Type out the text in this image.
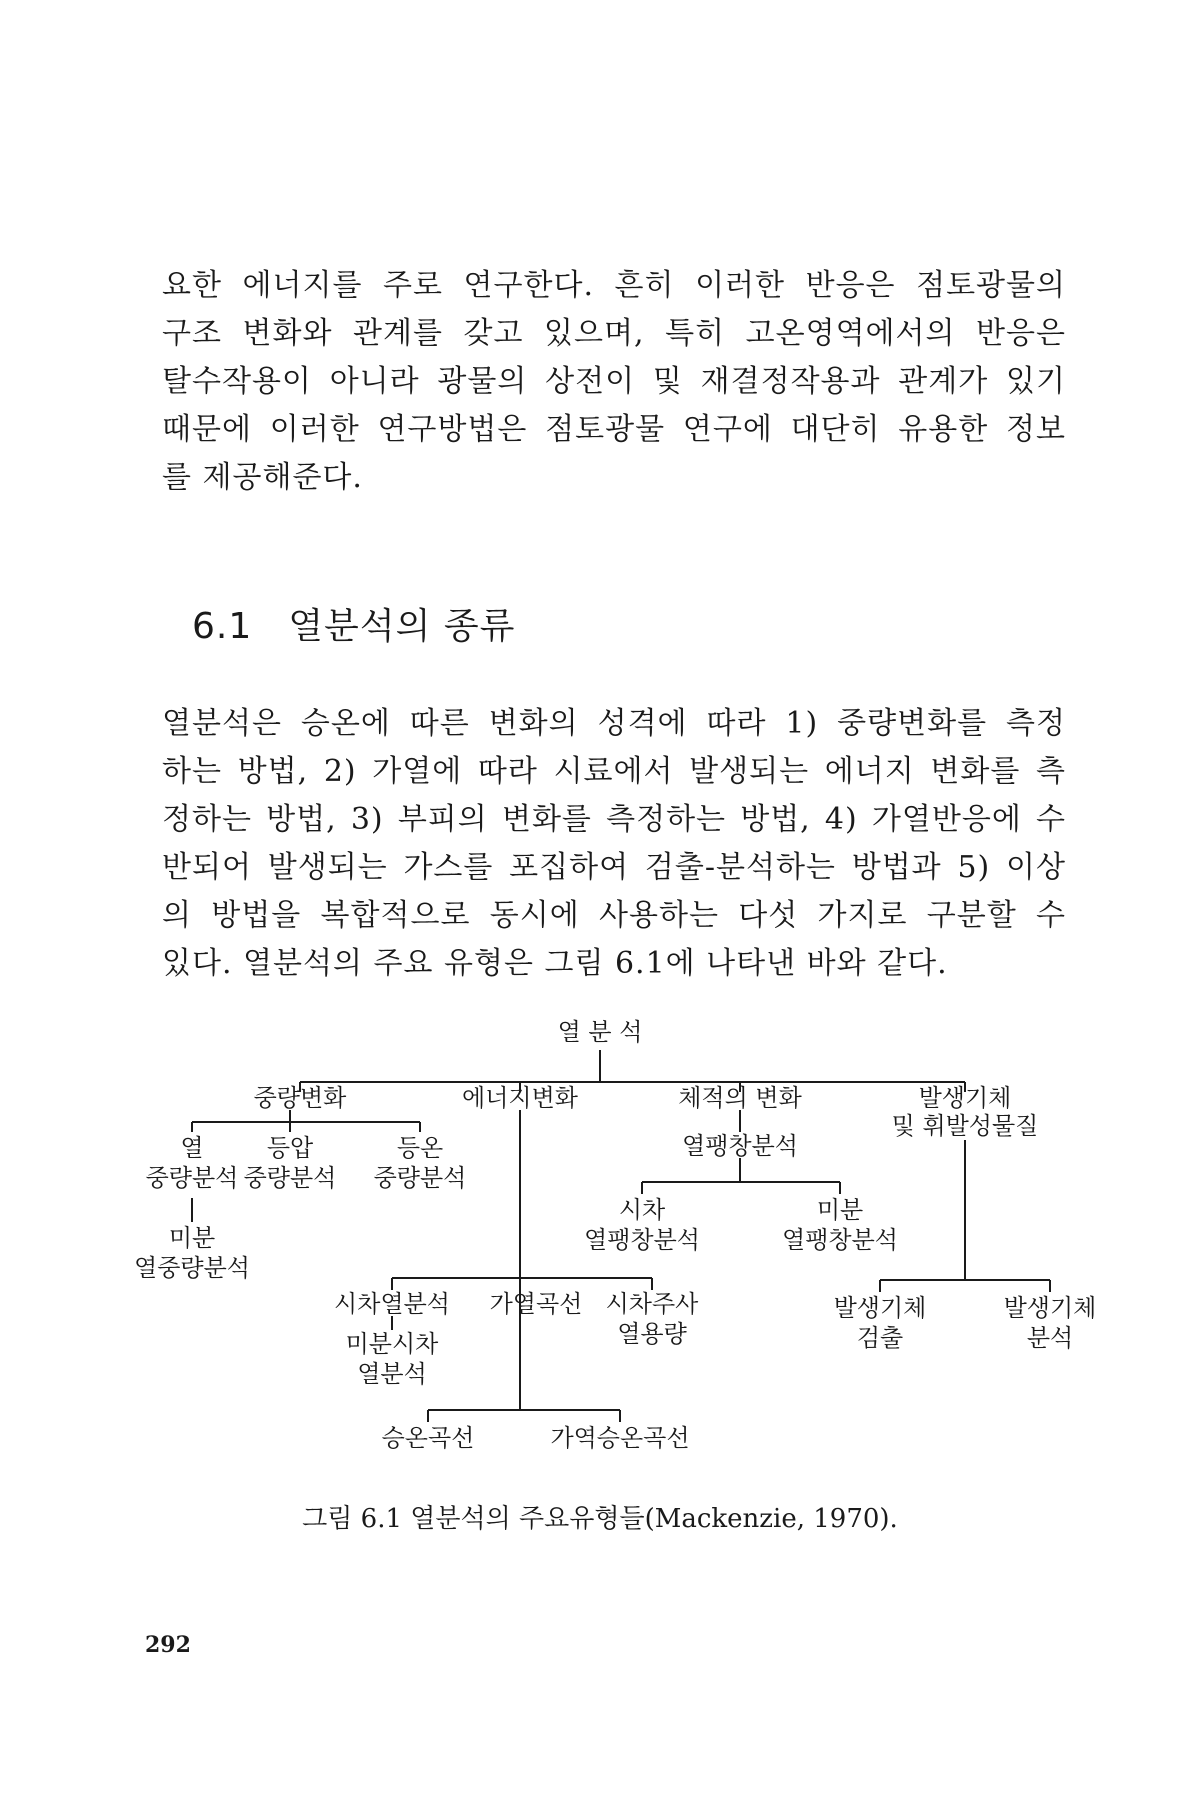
요한 에너지를 주로 연구한다. 흔히 이러한 반응은 점토광물의
구조 변화와 관계를 갖고 있으며, 특히 고온영역에서의 반응은
탈수작용이 아니라 광물의 상전이 및 재결정작용과 관계가 있기
때문에 이러한 연구방법은 점토광물 연구에 대단히 유용한 정보
를 제공해준다.
6.1 열분석의 종류
열분석은 승온에 따른 변화의 성격에 따라 1) 중량변화를 측정
하는 방법, 2) 가열에 따라 시료에서 발생되는 에너지 변화를 측
정하는 방법, 3) 부피의 변화를 측정하는 방법, 4) 가열반응에 수
반되어 발생되는 가스를 포집하여 검출-분석하는 방법과 5) 이상
의 방법을 복합적으로 동시에 사용하는 다섯 가지로 구분할 수
있다. 열분석의 주요 유형은 그림 6.1에 나타낸 바와 같다.
열 분 석
중량변화	에너지변화	체적의 변화	발생기체
및 휘발성물질
열
중량분석
등압
중량분석
등온
중량분석
미분
열중량분석
열팽창분석
시차
열팽창분석
미분
열팽창분석
시차열분석 가열곡선 시차주사
열용량
미분시차
열분석
승온곡선	가역승온곡선
발생기체
검출
발생기체
분석

그림 6.1 열분석의 주요유형들(Mackenzie, 1970).

292
